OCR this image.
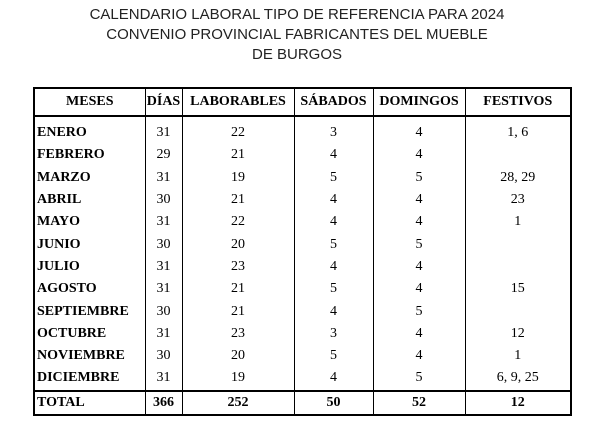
CALENDARIO LABORAL TIPO DE REFERENCIA PARA 2024
CONVENIO PROVINCIAL FABRICANTES DEL MUEBLE
DE BURGOS
MESES	DÍAS	LABORABLES	SÁBADOS	DOMINGOS	FESTIVOS

ENERO	31	22	3	4	1, 6
FEBRERO	29	21	4	4	
MARZO	31	19	5	5	28, 29
ABRIL	30	21	4	4	23
MAYO	31	22	4	4	1
JUNIO	30	20	5	5	
JULIO	31	23	4	4	
AGOSTO	31	21	5	4	15
SEPTIEMBRE	30	21	4	5	
OCTUBRE	31	23	3	4	12
NOVIEMBRE	30	20	5	4	1
DICIEMBRE	31	19	4	5	6, 9, 25
TOTAL	366	252	50	52	12
